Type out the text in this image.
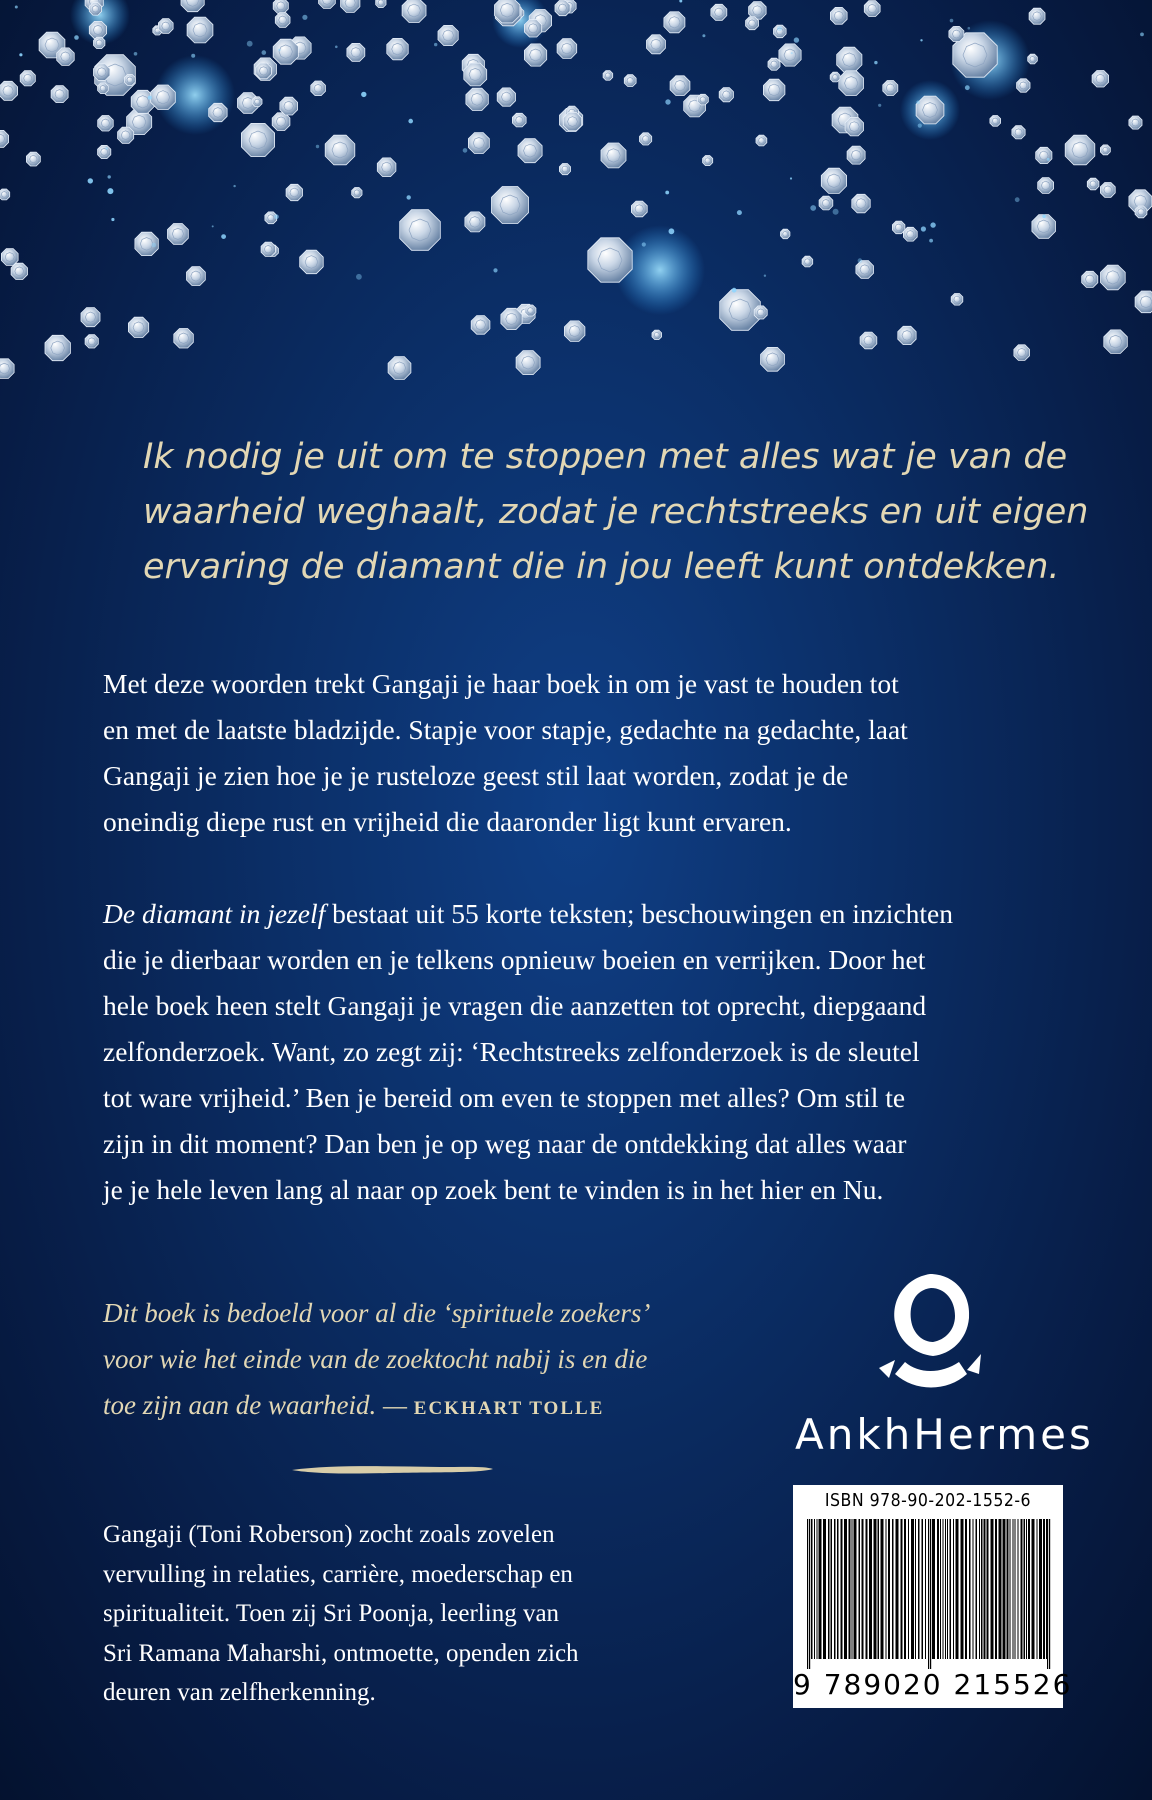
Ik nodig je uit om te stoppen met alles wat je van de
waarheid weghaalt, zodat je rechtstreeks en uit eigen
ervaring de diamant die in jou leeft kunt ontdekken.

Met deze woorden trekt Gangaji je haar boek in om je vast te houden tot
en met de laatste bladzijde. Stapje voor stapje, gedachte na gedachte, laat
Gangaji je zien hoe je je rusteloze geest stil laat worden, zodat je de
oneindig diepe rust en vrijheid die daaronder ligt kunt ervaren.

De diamant in jezelf bestaat uit 55 korte teksten; beschouwingen en inzichten
die je dierbaar worden en je telkens opnieuw boeien en verrijken. Door het
hele boek heen stelt Gangaji je vragen die aanzetten tot oprecht, diepgaand
zelfonderzoek. Want, zo zegt zij: ‘Rechtstreeks zelfonderzoek is de sleutel
tot ware vrijheid.’ Ben je bereid om even te stoppen met alles? Om stil te
zijn in dit moment? Dan ben je op weg naar de ontdekking dat alles waar
je je hele leven lang al naar op zoek bent te vinden is in het hier en Nu.

Dit boek is bedoeld voor al die ‘spirituele zoekers’
voor wie het einde van de zoektocht nabij is en die
toe zijn aan de waarheid. — ECKHART TOLLE

Gangaji (Toni Roberson) zocht zoals zovelen
vervulling in relaties, carrière, moederschap en
spiritualiteit. Toen zij Sri Poonja, leerling van
Sri Ramana Maharshi, ontmoette, openden zich
deuren van zelfherkenning.

AnkhHermes
ISBN 978-90-202-1552-6
9 789020 215526
